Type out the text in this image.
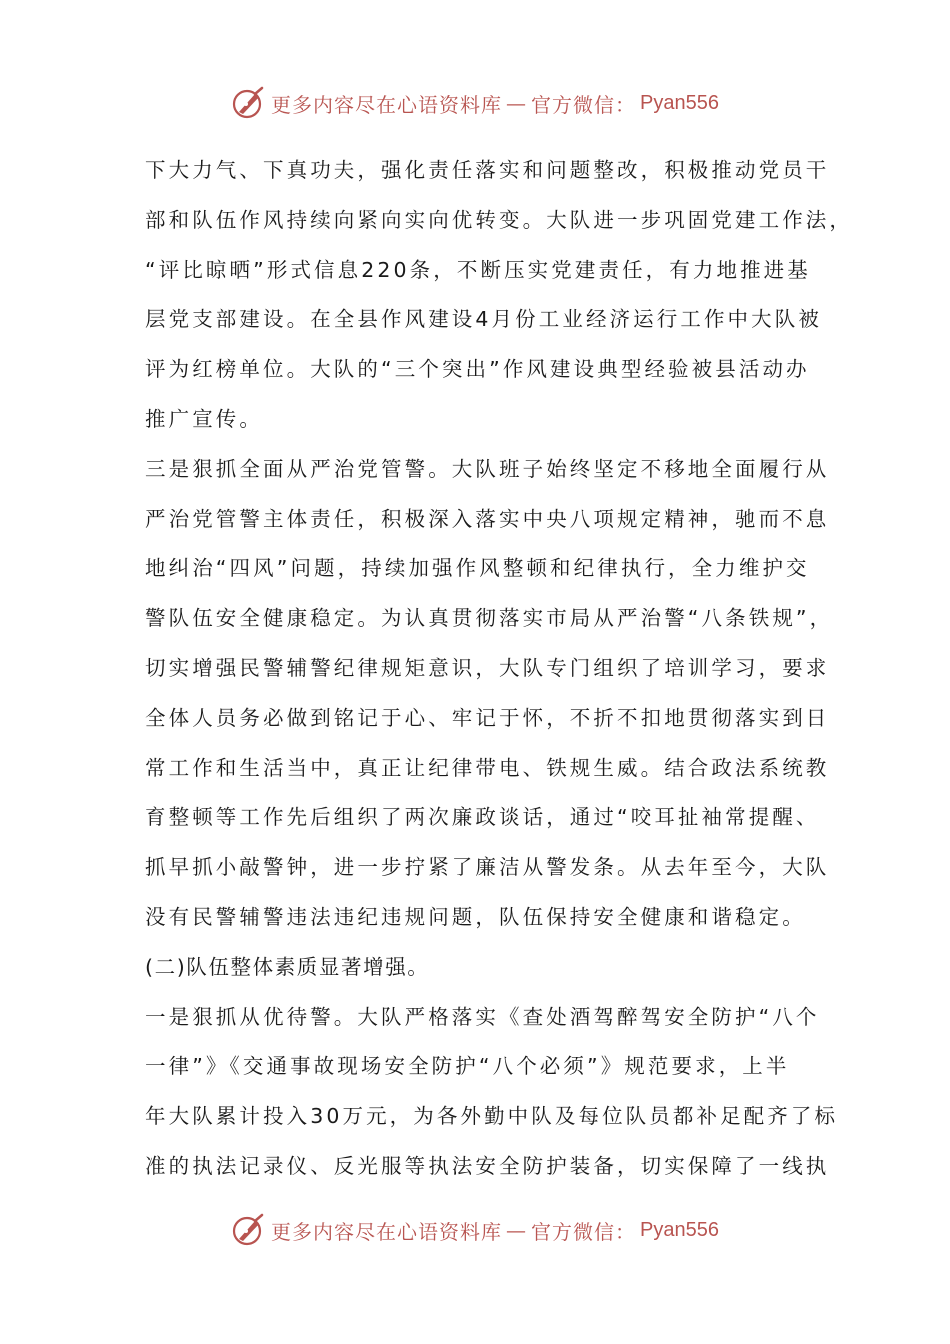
更多内容尽在心语资料库 — 官方微信： Pyan556
下大力气、下真功夫，强化责任落实和问题整改，积极推动党员干
部和队伍作风持续向紧向实向优转变。大队进一步巩固党建工作法，
“评比晾晒”形式信息220条，不断压实党建责任，有力地推进基
层党支部建设。在全县作风建设4月份工业经济运行工作中大队被
评为红榜单位。大队的“三个突出”作风建设典型经验被县活动办
推广宣传。
三是狠抓全面从严治党管警。大队班子始终坚定不移地全面履行从
严治党管警主体责任，积极深入落实中央八项规定精神，驰而不息
地纠治“四风”问题，持续加强作风整顿和纪律执行，全力维护交
警队伍安全健康稳定。为认真贯彻落实市局从严治警“八条铁规”，
切实增强民警辅警纪律规矩意识，大队专门组织了培训学习，要求
全体人员务必做到铭记于心、牢记于怀，不折不扣地贯彻落实到日
常工作和生活当中，真正让纪律带电、铁规生威。结合政法系统教
育整顿等工作先后组织了两次廉政谈话，通过“咬耳扯袖常提醒、
抓早抓小敲警钟，进一步拧紧了廉洁从警发条。从去年至今，大队
没有民警辅警违法违纪违规问题，队伍保持安全健康和谐稳定。
(二)队伍整体素质显著增强。
一是狠抓从优待警。大队严格落实《查处酒驾醉驾安全防护“八个
一律”》《交通事故现场安全防护“八个必须”》规范要求，上半
年大队累计投入30万元，为各外勤中队及每位队员都补足配齐了标
准的执法记录仪、反光服等执法安全防护装备，切实保障了一线执
更多内容尽在心语资料库 — 官方微信： Pyan556
